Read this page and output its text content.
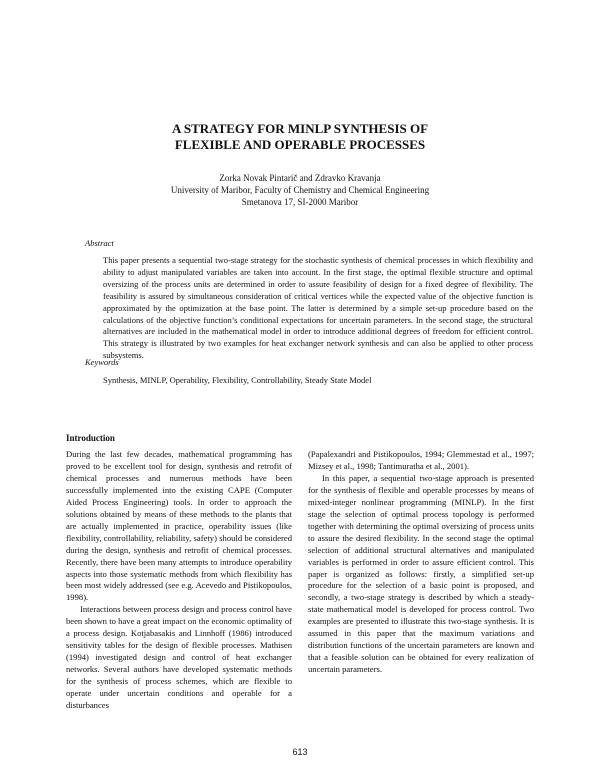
A STRATEGY FOR MINLP SYNTHESIS OF
FLEXIBLE AND OPERABLE PROCESSES
Zorka Novak Pintarič and Zdravko Kravanja
University of Maribor, Faculty of Chemistry and Chemical Engineering
Smetanova 17, SI-2000 Maribor
Abstract
This paper presents a sequential two-stage strategy for the stochastic synthesis of chemical processes in which flexibility and ability to adjust manipulated variables are taken into account. In the first stage, the optimal flexible structure and optimal oversizing of the process units are determined in order to assure feasibility of design for a fixed degree of flexibility. The feasibility is assured by simultaneous consideration of critical vertices while the expected value of the objective function is approximated by the optimization at the base point. The latter is determined by a simple set-up procedure based on the calculations of the objective function’s conditional expectations for uncertain parameters. In the second stage, the structural alternatives are included in the mathematical model in order to introduce additional degrees of freedom for efficient control. This strategy is illustrated by two examples for heat exchanger network synthesis and can also be applied to other process subsystems.
Keywords
Synthesis, MINLP, Operability, Flexibility, Controllability, Steady State Model
Introduction

During the last few decades, mathematical programming has proved to be excellent tool for design, synthesis and retrofit of chemical processes and numerous methods have been successfully implemented into the existing CAPE (Computer Aided Process Engineering) tools. In order to approach the solutions obtained by means of these methods to the plants that are actually implemented in practice, operability issues (like flexibility, controllability, reliability, safety) should be considered during the design, synthesis and retrofit of chemical processes. Recently, there have been many attempts to introduce operability aspects into those systematic methods from which flexibility has been most widely addressed (see e.g. Acevedo and Pistikopoulos, 1998).

Interactions between process design and process control have been shown to have a great impact on the economic optimality of a process design. Kotjabasakis and Linnhoff (1986) introduced sensitivity tables for the design of flexible processes. Mathisen (1994) investigated design and control of heat exchanger networks. Several authors have developed systematic methods for the synthesis of process schemes, which are flexible to operate under uncertain conditions and operable for a disturbances

(Papalexandri and Pistikopoulos, 1994; Glemmestad et al., 1997; Mizsey et al., 1998; Tantimuratha et al., 2001).

In this paper, a sequential two-stage approach is presented for the synthesis of flexible and operable processes by means of mixed-integer nonlinear programming (MINLP). In the first stage the selection of optimal process topology is performed together with determining the optimal oversizing of process units to assure the desired flexibility. In the second stage the optimal selection of additional structural alternatives and manipulated variables is performed in order to assure efficient control. This paper is organized as follows: firstly, a simplified set-up procedure for the selection of a basic point is proposed, and secondly, a two-stage strategy is described by which a steady-state mathematical model is developed for process control. Two examples are presented to illustrate this two-stage synthesis. It is assumed in this paper that the maximum variations and distribution functions of the uncertain parameters are known and that a feasible solution can be obtained for every realization of uncertain parameters.

613
